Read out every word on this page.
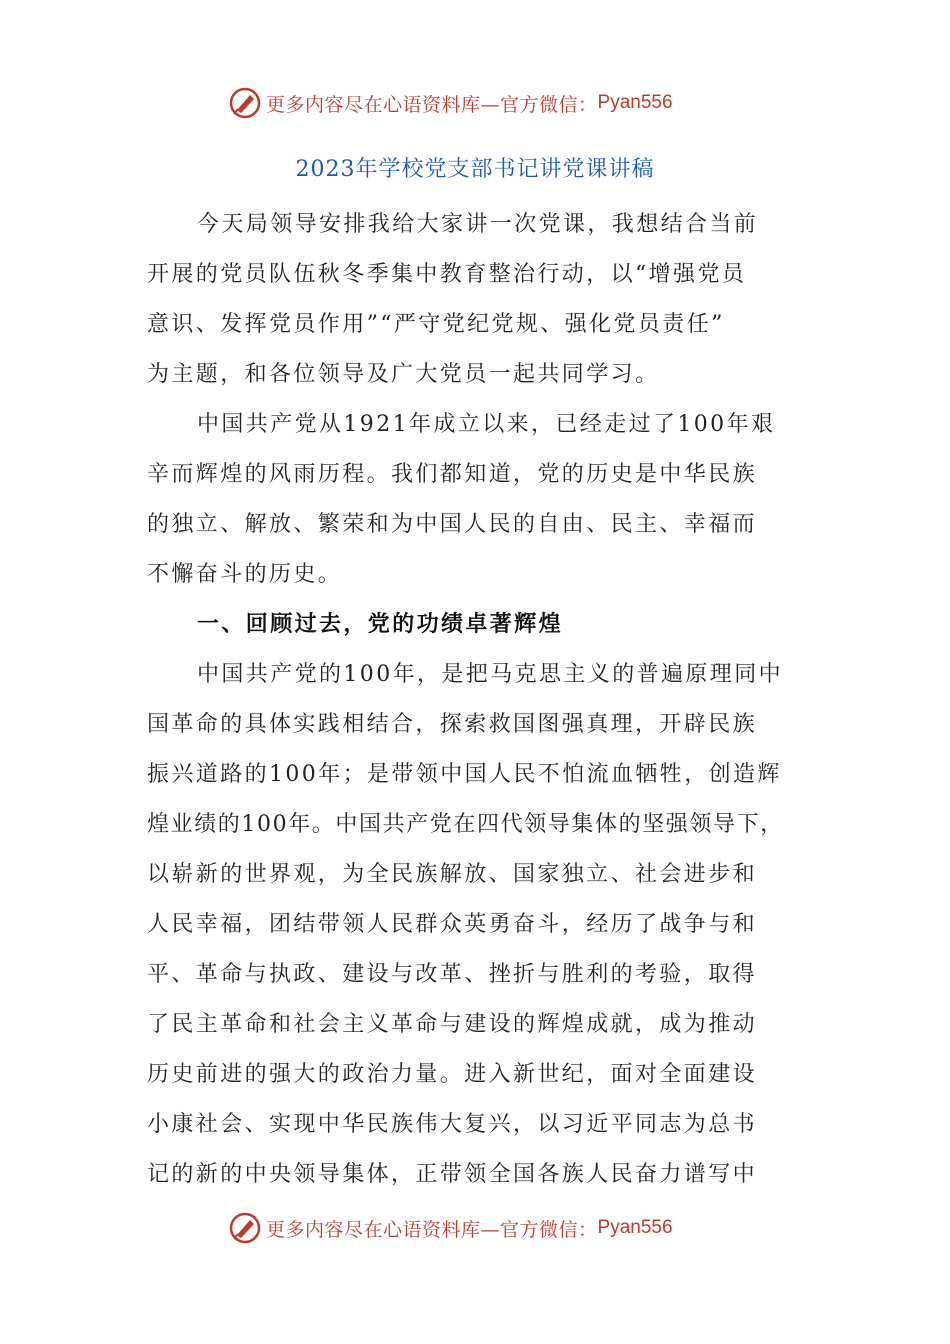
更多内容尽在心语资料库—官方微信： Pyan556
2023年学校党支部书记讲党课讲稿
今天局领导安排我给大家讲一次党课，我想结合当前
开展的党员队伍秋冬季集中教育整治行动，以“增强党员
意识、发挥党员作用”“严守党纪党规、强化党员责任”
为主题，和各位领导及广大党员一起共同学习。
中国共产党从1921年成立以来，已经走过了100年艰
辛而辉煌的风雨历程。我们都知道，党的历史是中华民族
的独立、解放、繁荣和为中国人民的自由、民主、幸福而
不懈奋斗的历史。
一、回顾过去，党的功绩卓著辉煌
中国共产党的100年，是把马克思主义的普遍原理同中
国革命的具体实践相结合，探索救国图强真理，开辟民族
振兴道路的100年；是带领中国人民不怕流血牺牲，创造辉
煌业绩的100年。中国共产党在四代领导集体的坚强领导下，
以崭新的世界观，为全民族解放、国家独立、社会进步和
人民幸福，团结带领人民群众英勇奋斗，经历了战争与和
平、革命与执政、建设与改革、挫折与胜利的考验，取得
了民主革命和社会主义革命与建设的辉煌成就，成为推动
历史前进的强大的政治力量。进入新世纪，面对全面建设
小康社会、实现中华民族伟大复兴，以习近平同志为总书
记的新的中央领导集体，正带领全国各族人民奋力谱写中
更多内容尽在心语资料库—官方微信： Pyan556
